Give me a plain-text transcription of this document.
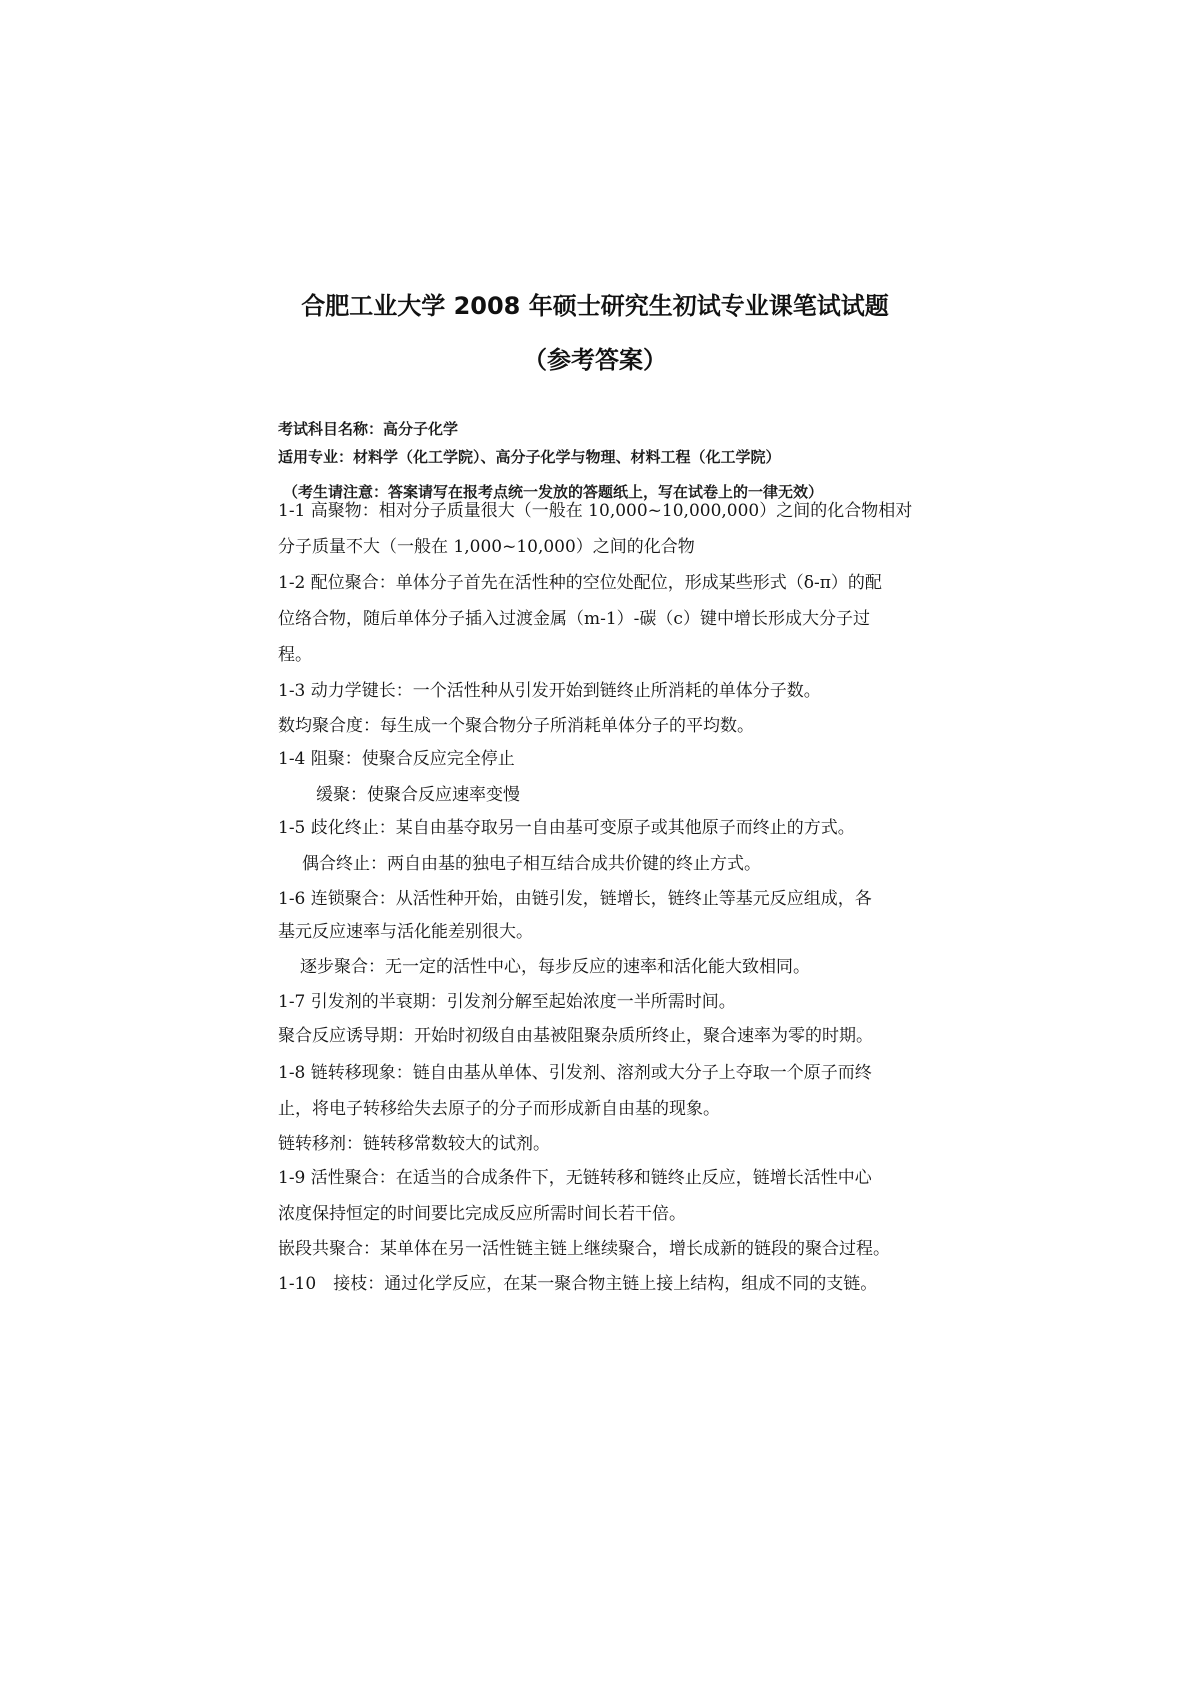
合肥工业大学 2008 年硕士研究生初试专业课笔试试题
（参考答案）
考试科目名称：高分子化学
适用专业：材料学（化工学院）、高分子化学与物理、材料工程（化工学院）
（考生请注意：答案请写在报考点统一发放的答题纸上，写在试卷上的一律无效）
1-1 高聚物：相对分子质量很大（一般在 10,000~10,000,000）之间的化合物相对
分子质量不大（一般在 1,000~10,000）之间的化合物
1-2 配位聚合：单体分子首先在活性种的空位处配位，形成某些形式（δ-π）的配
位络合物，随后单体分子插入过渡金属（m-1）-碳（c）键中增长形成大分子过
程。
1-3 动力学键长：一个活性种从引发开始到链终止所消耗的单体分子数。
数均聚合度：每生成一个聚合物分子所消耗单体分子的平均数。
1-4 阻聚：使聚合反应完全停止
缓聚：使聚合反应速率变慢
1-5 歧化终止：某自由基夺取另一自由基可变原子或其他原子而终止的方式。
偶合终止：两自由基的独电子相互结合成共价键的终止方式。
1-6 连锁聚合：从活性种开始，由链引发，链增长，链终止等基元反应组成，各
基元反应速率与活化能差别很大。
逐步聚合：无一定的活性中心，每步反应的速率和活化能大致相同。
1-7 引发剂的半衰期：引发剂分解至起始浓度一半所需时间。
聚合反应诱导期：开始时初级自由基被阻聚杂质所终止，聚合速率为零的时期。
1-8 链转移现象：链自由基从单体、引发剂、溶剂或大分子上夺取一个原子而终
止，将电子转移给失去原子的分子而形成新自由基的现象。
链转移剂：链转移常数较大的试剂。
1-9 活性聚合：在适当的合成条件下，无链转移和链终止反应，链增长活性中心
浓度保持恒定的时间要比完成反应所需时间长若干倍。
嵌段共聚合：某单体在另一活性链主链上继续聚合，增长成新的链段的聚合过程。
1-10　接枝：通过化学反应，在某一聚合物主链上接上结构，组成不同的支链。
